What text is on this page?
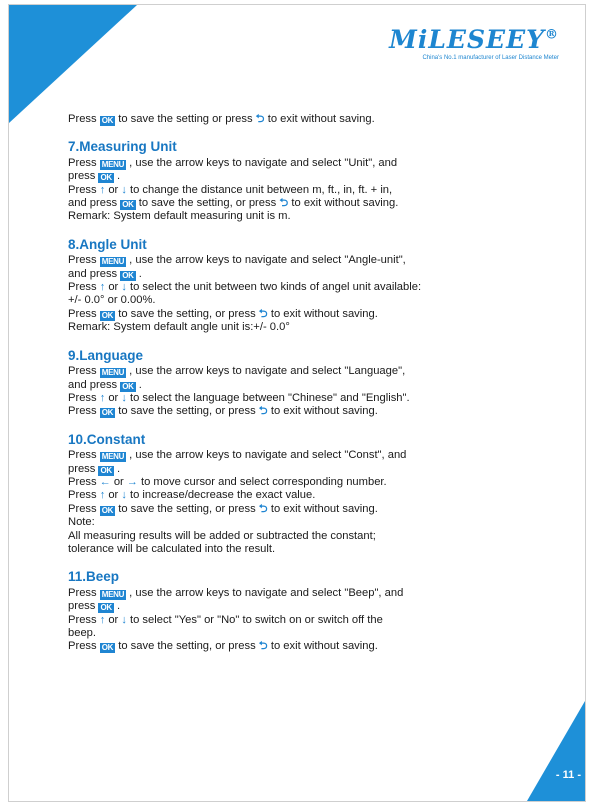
- 11 -
MiLESEEY®
China's No.1 manufacturer of Laser Distance Meter
Press OK to save the setting or press ⮌ to exit without saving.
7.Measuring Unit
Press MENU , use the arrow keys to navigate and select "Unit", and
press OK .
Press ↑ or ↓ to change the distance unit between m, ft., in, ft. + in,
and press OK to save the setting, or press ⮌ to exit without saving.
Remark: System default measuring unit is m.
8.Angle Unit
Press MENU , use the arrow keys to navigate and select "Angle-unit",
and press OK .
Press ↑ or ↓ to select the unit between two kinds of angel unit available:
+/- 0.0° or 0.00%.
Press OK to save the setting, or press ⮌ to exit without saving.
Remark: System default angle unit is:+/- 0.0°
9.Language
Press MENU , use the arrow keys to navigate and select "Language",
and press OK .
Press ↑ or ↓ to select the language between "Chinese" and "English".
Press OK to save the setting, or press ⮌ to exit without saving.
10.Constant
Press MENU , use the arrow keys to navigate and select "Const", and
press OK .
Press ← or → to move cursor and select corresponding number.
Press ↑ or ↓ to increase/decrease the exact value.
Press OK to save the setting, or press ⮌ to exit without saving.
Note:
All measuring results will be added or subtracted the constant;
tolerance will be calculated into the result.
11.Beep
Press MENU , use the arrow keys to navigate and select "Beep", and
press OK .
Press ↑ or ↓ to select "Yes" or "No" to switch on or switch off the
beep.
Press OK to save the setting, or press ⮌ to exit without saving.
